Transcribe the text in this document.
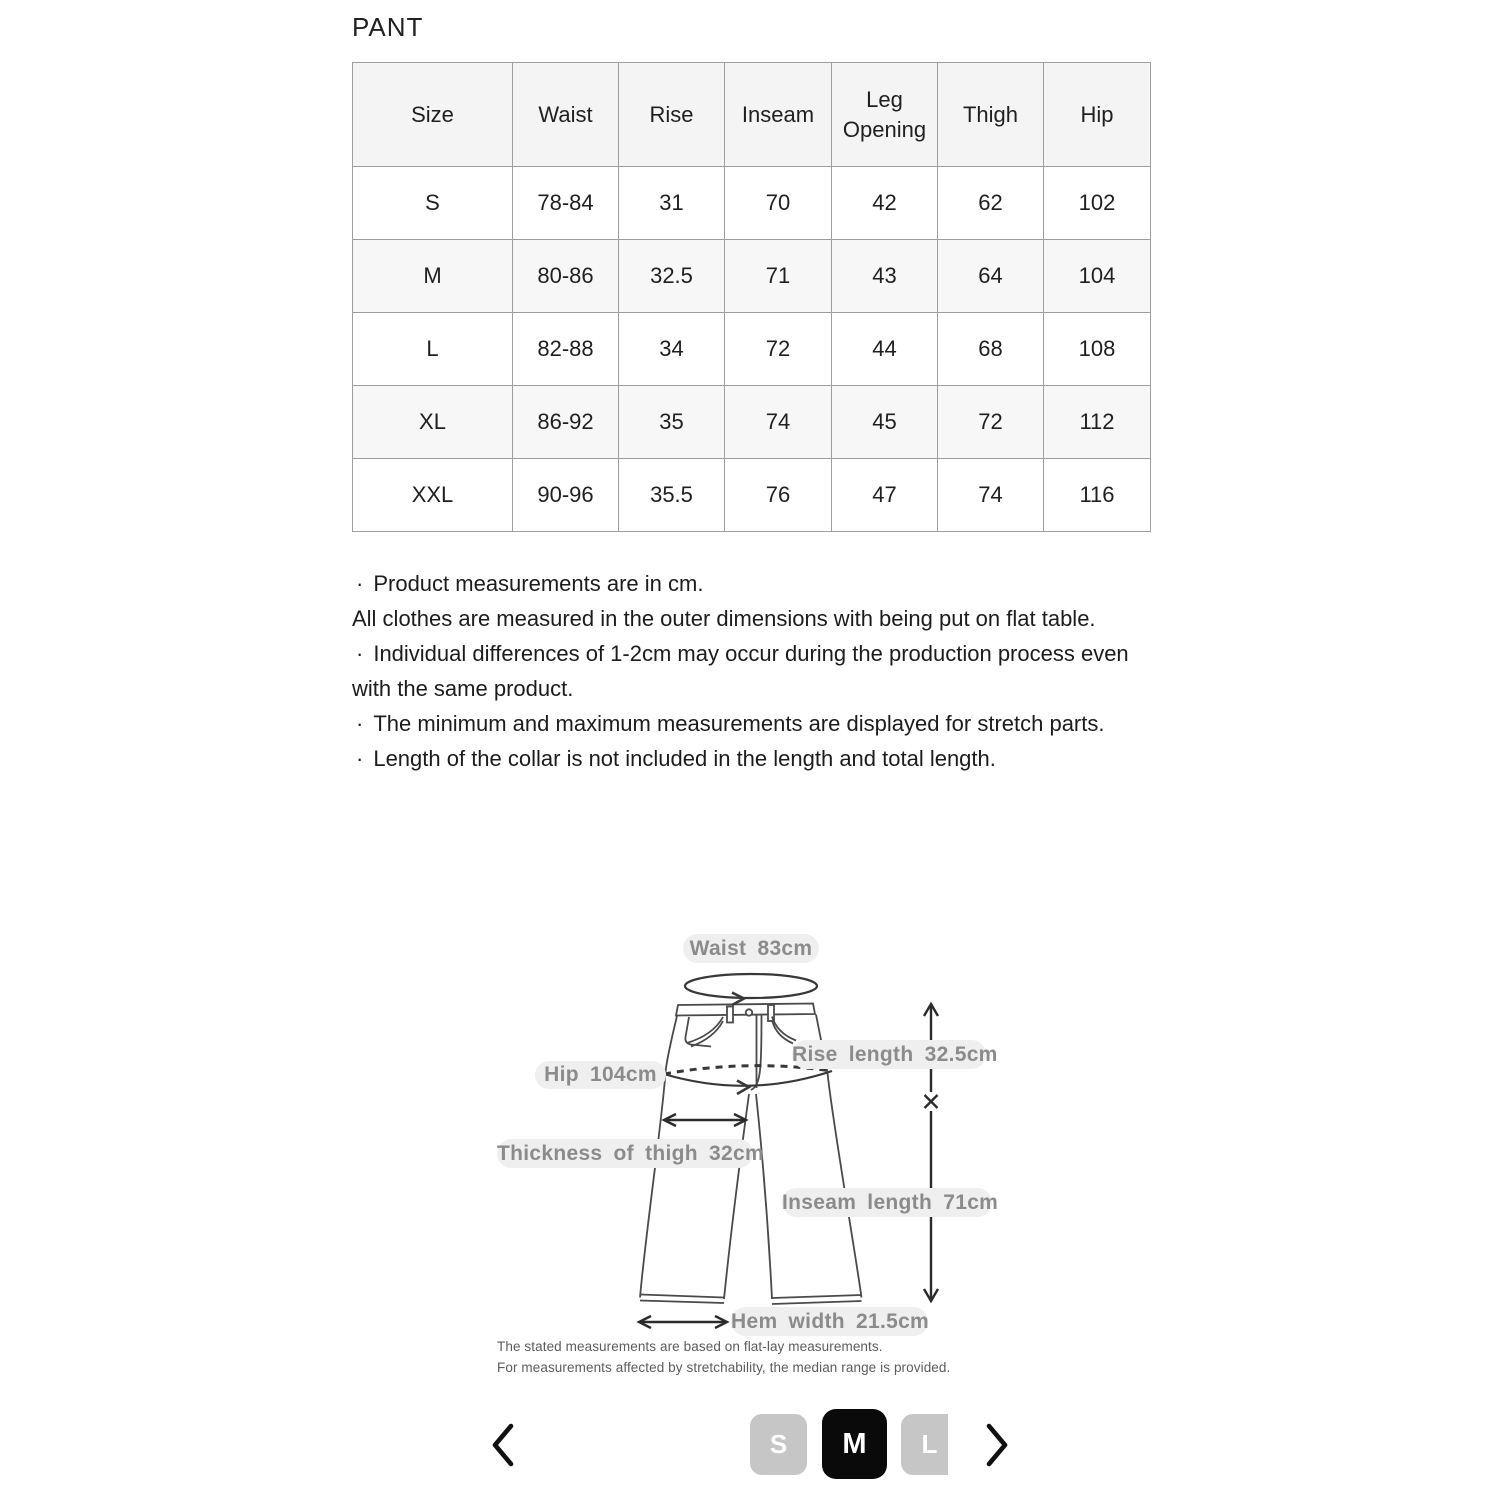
PANT
Size	Waist	Rise	Inseam	Leg Opening	Thigh	Hip
S	78-84	31	70	42	62	102
M	80-86	32.5	71	43	64	104
L	82-88	34	72	44	68	108
XL	86-92	35	74	45	72	112
XXL	90-96	35.5	76	47	74	116

· Product measurements are in cm.

All clothes are measured in the outer dimensions with being put on flat table.

· Individual differences of 1-2cm may occur during the production process even with the same product.

· The minimum and maximum measurements are displayed for stretch parts.

· Length of the collar is not included in the length and total length.

Waist 83cm
Rise length 32.5cm
Hip 104cm
Thickness of thigh 32cm
Inseam length 71cm
Hem width 21.5cm
The stated measurements are based on flat-lay measurements.
For measurements affected by stretchability, the median range is provided.
S	M	L
